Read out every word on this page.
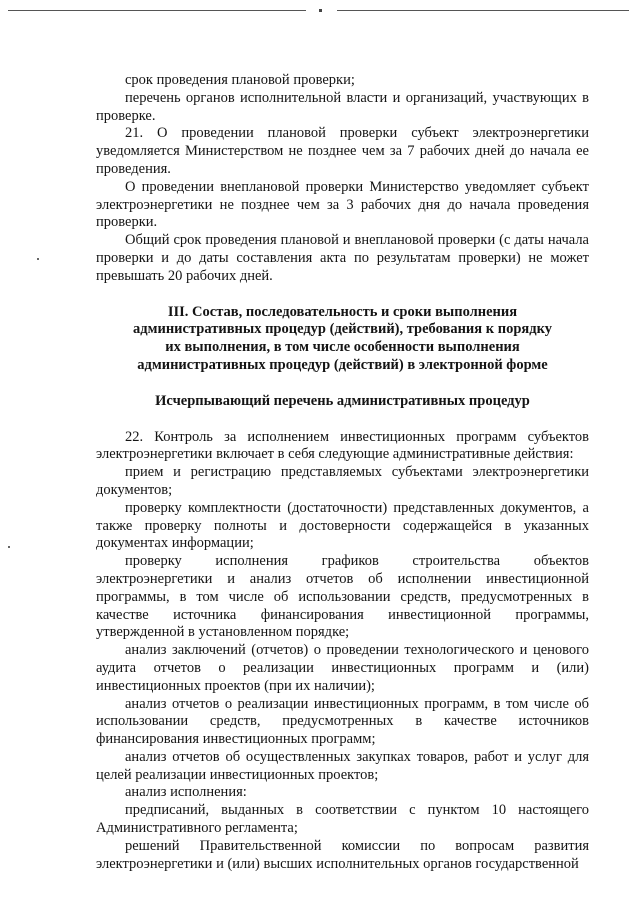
срок проведения плановой проверки;

перечень органов исполнительной власти и организаций, участвующих в проверке.

21. О проведении плановой проверки субъект электроэнергетики уведомляется Министерством не позднее чем за 7 рабочих дней до начала ее проведения.

О проведении внеплановой проверки Министерство уведомляет субъект электроэнергетики не позднее чем за 3 рабочих дня до начала проведения проверки.

Общий срок проведения плановой и внеплановой проверки (с даты начала проверки и до даты составления акта по результатам проверки) не может превышать 20 рабочих дней.

III. Состав, последовательность и сроки выполнения
административных процедур (действий), требования к порядку
их выполнения, в том числе особенности выполнения
административных процедур (действий) в электронной форме
Исчерпывающий перечень административных процедур

22. Контроль за исполнением инвестиционных программ субъектов электроэнергетики включает в себя следующие административные действия:

прием и регистрацию представляемых субъектами электроэнергетики документов;

проверку комплектности (достаточности) представленных документов, а также проверку полноты и достоверности содержащейся в указанных документах информации;

проверку исполнения графиков строительства объектов электроэнергетики и анализ отчетов об исполнении инвестиционной программы, в том числе об использовании средств, предусмотренных в качестве источника финансирования инвестиционной программы, утвержденной в установленном порядке;

анализ заключений (отчетов) о проведении технологического и ценового аудита отчетов о реализации инвестиционных программ и (или) инвестиционных проектов (при их наличии);

анализ отчетов о реализации инвестиционных программ, в том числе об использовании средств, предусмотренных в качестве источников финансирования инвестиционных программ;

анализ отчетов об осуществленных закупках товаров, работ и услуг для целей реализации инвестиционных проектов;

анализ исполнения:

предписаний, выданных в соответствии с пунктом 10 настоящего Административного регламента;

решений Правительственной комиссии по вопросам развития электроэнергетики и (или) высших исполнительных органов государственной
